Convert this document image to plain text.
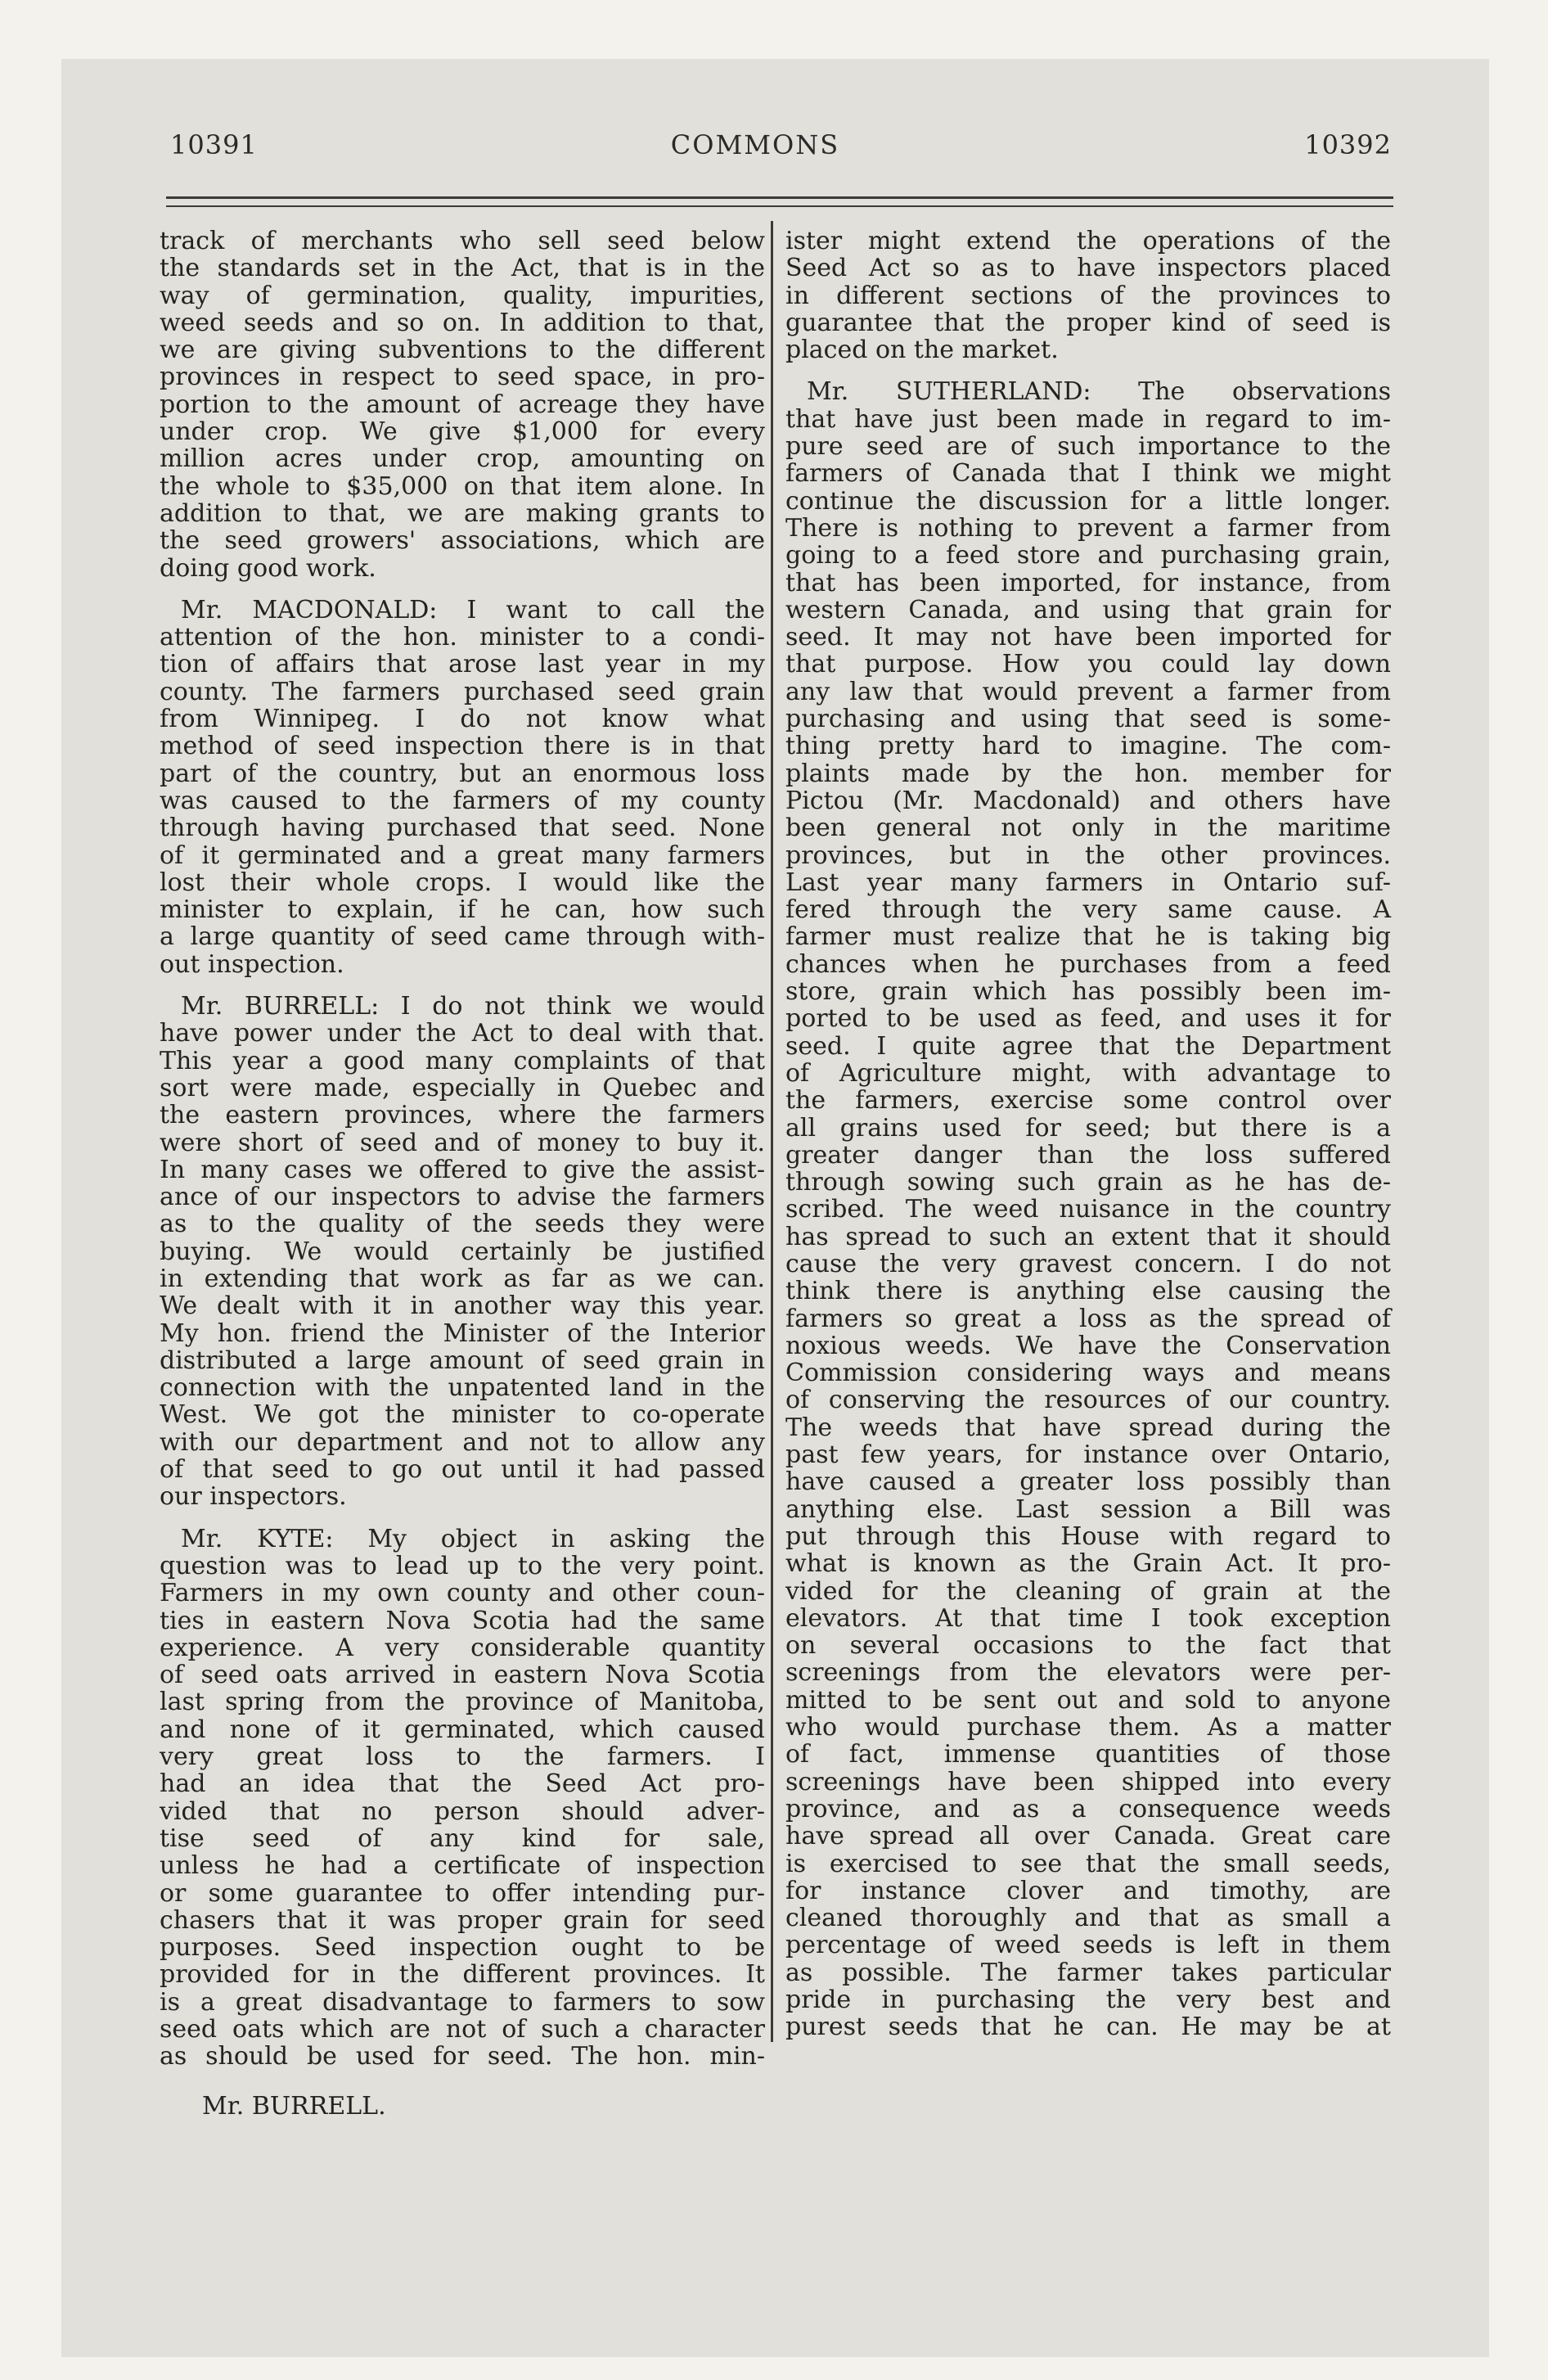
10391	COMMONS	10392
track of merchants who sell seed below
the standards set in the Act, that is in the
way of germination, quality, impurities,
weed seeds and so on. In addition to that,
we are giving subventions to the different
provinces in respect to seed space, in pro-
portion to the amount of acreage they have
under crop. We give $1,000 for every
million acres under crop, amounting on
the whole to $35,000 on that item alone. In
addition to that, we are making grants to
the seed growers' associations, which are
doing good work.
Mr. MACDONALD: I want to call the
attention of the hon. minister to a condi-
tion of affairs that arose last year in my
county. The farmers purchased seed grain
from Winnipeg. I do not know what
method of seed inspection there is in that
part of the country, but an enormous loss
was caused to the farmers of my county
through having purchased that seed. None
of it germinated and a great many farmers
lost their whole crops. I would like the
minister to explain, if he can, how such
a large quantity of seed came through with-
out inspection.
Mr. BURRELL: I do not think we would
have power under the Act to deal with that.
This year a good many complaints of that
sort were made, especially in Quebec and
the eastern provinces, where the farmers
were short of seed and of money to buy it.
In many cases we offered to give the assist-
ance of our inspectors to advise the farmers
as to the quality of the seeds they were
buying. We would certainly be justified
in extending that work as far as we can.
We dealt with it in another way this year.
My hon. friend the Minister of the Interior
distributed a large amount of seed grain in
connection with the unpatented land in the
West. We got the minister to co-operate
with our department and not to allow any
of that seed to go out until it had passed
our inspectors.
Mr. KYTE: My object in asking the
question was to lead up to the very point.
Farmers in my own county and other coun-
ties in eastern Nova Scotia had the same
experience. A very considerable quantity
of seed oats arrived in eastern Nova Scotia
last spring from the province of Manitoba,
and none of it germinated, which caused
very great loss to the farmers. I
had an idea that the Seed Act pro-
vided that no person should adver-
tise seed of any kind for sale,
unless he had a certificate of inspection
or some guarantee to offer intending pur-
chasers that it was proper grain for seed
purposes. Seed inspection ought to be
provided for in the different provinces. It
is a great disadvantage to farmers to sow
seed oats which are not of such a character
as should be used for seed. The hon. min-
ister might extend the operations of the
Seed Act so as to have inspectors placed
in different sections of the provinces to
guarantee that the proper kind of seed is
placed on the market.
Mr. SUTHERLAND: The observations
that have just been made in regard to im-
pure seed are of such importance to the
farmers of Canada that I think we might
continue the discussion for a little longer.
There is nothing to prevent a farmer from
going to a feed store and purchasing grain,
that has been imported, for instance, from
western Canada, and using that grain for
seed. It may not have been imported for
that purpose. How you could lay down
any law that would prevent a farmer from
purchasing and using that seed is some-
thing pretty hard to imagine. The com-
plaints made by the hon. member for
Pictou (Mr. Macdonald) and others have
been general not only in the maritime
provinces, but in the other provinces.
Last year many farmers in Ontario suf-
fered through the very same cause. A
farmer must realize that he is taking big
chances when he purchases from a feed
store, grain which has possibly been im-
ported to be used as feed, and uses it for
seed. I quite agree that the Department
of Agriculture might, with advantage to
the farmers, exercise some control over
all grains used for seed; but there is a
greater danger than the loss suffered
through sowing such grain as he has de-
scribed. The weed nuisance in the country
has spread to such an extent that it should
cause the very gravest concern. I do not
think there is anything else causing the
farmers so great a loss as the spread of
noxious weeds. We have the Conservation
Commission considering ways and means
of conserving the resources of our country.
The weeds that have spread during the
past few years, for instance over Ontario,
have caused a greater loss possibly than
anything else. Last session a Bill was
put through this House with regard to
what is known as the Grain Act. It pro-
vided for the cleaning of grain at the
elevators. At that time I took exception
on several occasions to the fact that
screenings from the elevators were per-
mitted to be sent out and sold to anyone
who would purchase them. As a matter
of fact, immense quantities of those
screenings have been shipped into every
province, and as a consequence weeds
have spread all over Canada. Great care
is exercised to see that the small seeds,
for instance clover and timothy, are
cleaned thoroughly and that as small a
percentage of weed seeds is left in them
as possible. The farmer takes particular
pride in purchasing the very best and
purest seeds that he can. He may be at
Mr. BURRELL.
